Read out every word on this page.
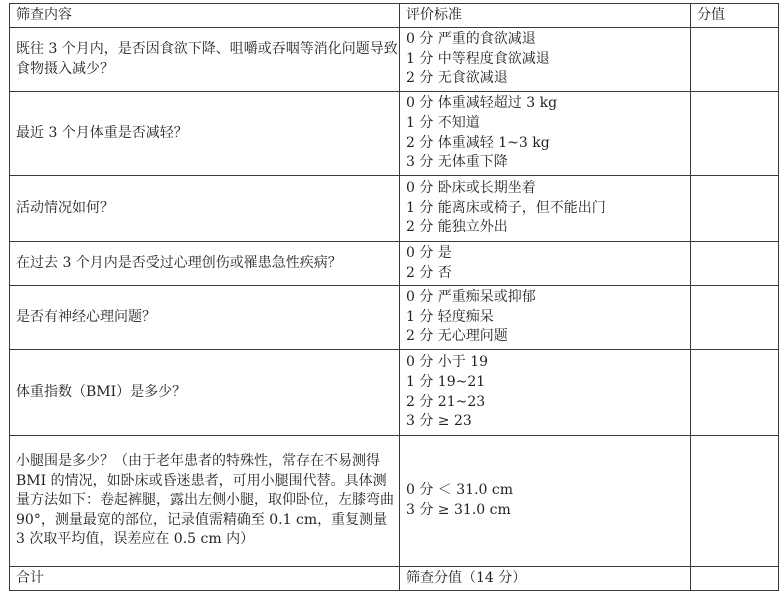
筛查内容	评价标准	分值
既往 3 个月内，是否因食欲下降、咀嚼或吞咽等消化问题导致食物摄入减少？	0 分 严重的食欲减退
1 分 中等程度食欲减退
2 分 无食欲减退	

最近 3 个月体重是否减轻？	0 分 体重减轻超过 3 kg
1 分 不知道
2 分 体重减轻 1~3 kg
3 分 无体重下降	

活动情况如何？	0 分 卧床或长期坐着
1 分 能离床或椅子，但不能出门
2 分 能独立外出	

在过去 3 个月内是否受过心理创伤或罹患急性疾病？	0 分 是
2 分 否	

是否有神经心理问题？	0 分 严重痴呆或抑郁
1 分 轻度痴呆
2 分 无心理问题	

体重指数（BMI）是多少？	0 分 小于 19
1 分 19~21
2 分 21~23
3 分 ≥ 23	

小腿围是多少？（由于老年患者的特殊性，常存在不易测得 BMI 的情况，如卧床或昏迷患者，可用小腿围代替。具体测量方法如下：卷起裤腿，露出左侧小腿，取仰卧位，左膝弯曲 90°，测量最宽的部位，记录值需精确至 0.1 cm，重复测量 3 次取平均值，误差应在 0.5 cm 内）	0 分 ＜ 31.0 cm
3 分 ≥ 31.0 cm	

合计	筛查分值（14 分）	
